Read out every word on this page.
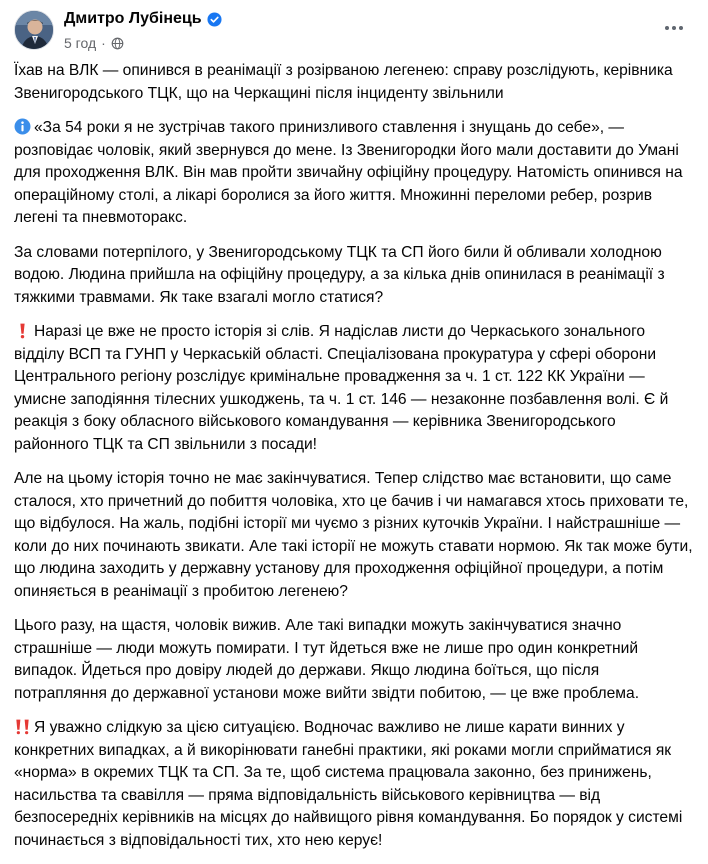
Дмитро Лубінець
5 год ·

Їхав на ВЛК — опинився в реанімації з розірваною легенею: справу розслідують, керівника Звенигородського ТЦК, що на Черкащині після інциденту звільнили

«За 54 роки я не зустрічав такого принизливого ставлення і знущань до себе», — розповідає чоловік, який звернувся до мене. Із Звенигородки його мали доставити до Умані для проходження ВЛК. Він мав пройти звичайну офіційну процедуру. Натомість опинився на операційному столі, а лікарі боролися за його життя. Множинні переломи ребер, розрив легені та пневмоторакс.

За словами потерпілого, у Звенигородському ТЦК та СП його били й обливали холодною водою. Людина прийшла на офіційну процедуру, а за кілька днів опинилася в реанімації з тяжкими травмами. Як таке взагалі могло статися?

Наразі це вже не просто історія зі слів. Я надіслав листи до Черкаського зонального відділу ВСП та ГУНП у Черкаській області. Спеціалізована прокуратура у сфері оборони Центрального регіону розслідує кримінальне провадження за ч. 1 ст. 122 КК України — умисне заподіяння тілесних ушкоджень, та ч. 1 ст. 146 — незаконне позбавлення волі. Є й реакція з боку обласного військового командування — керівника Звенигородського районного ТЦК та СП звільнили з посади!

Але на цьому історія точно не має закінчуватися. Тепер слідство має встановити, що саме сталося, хто причетний до побиття чоловіка, хто це бачив і чи намагався хтось приховати те, що відбулося. На жаль, подібні історії ми чуємо з різних куточків України. І найстрашніше — коли до них починають звикати. Але такі історії не можуть ставати нормою. Як так може бути, що людина заходить у державну установу для проходження офіційної процедури, а потім опиняється в реанімації з пробитою легенею?

Цього разу, на щастя, чоловік вижив. Але такі випадки можуть закінчуватися значно страшніше — люди можуть помирати. І тут йдеться вже не лише про один конкретний випадок. Йдеться про довіру людей до держави. Якщо людина боїться, що після потрапляння до державної установи може вийти звідти побитою, — це вже проблема.

Я уважно слідкую за цією ситуацією. Водночас важливо не лише карати винних у конкретних випадках, а й викорінювати ганебні практики, які роками могли сприйматися як «норма» в окремих ТЦК та СП. За те, щоб система працювала законно, без принижень, насильства та свавілля — пряма відповідальність військового керівництва — від безпосередніх керівників на місцях до найвищого рівня командування. Бо порядок у системі починається з відповідальності тих, хто нею керує!
